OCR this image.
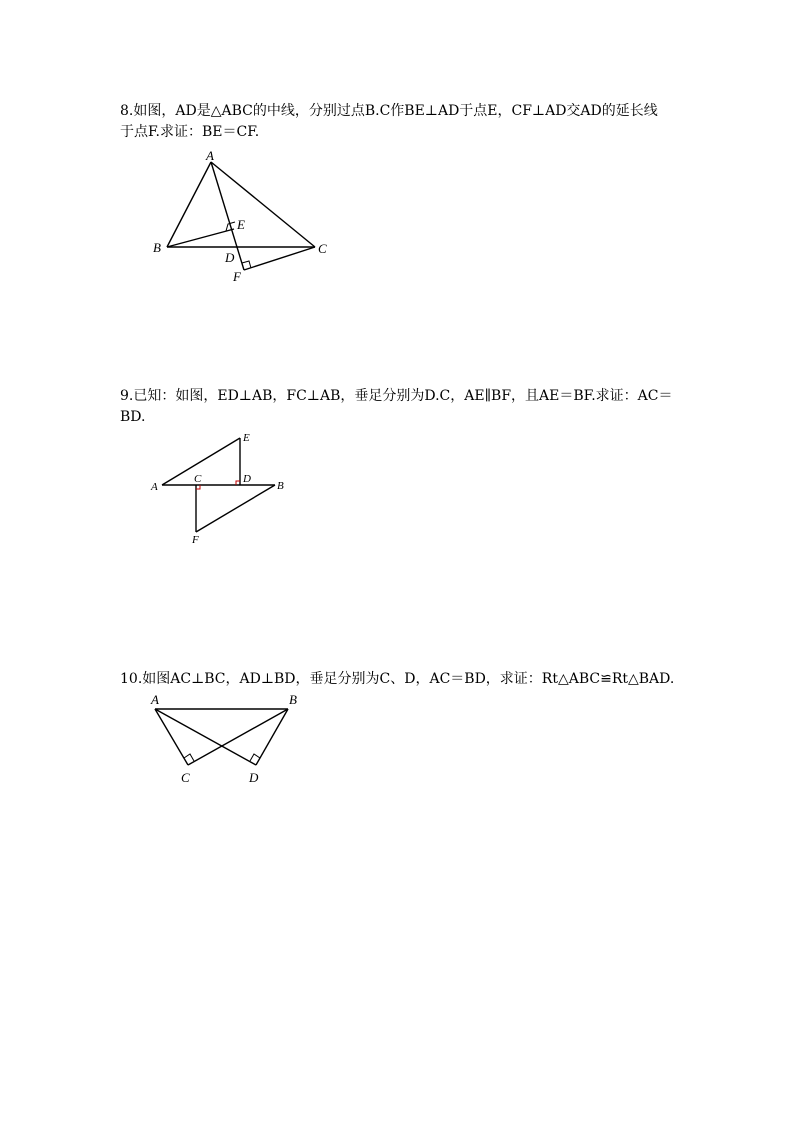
8.如图，AD是△ABC的中线，分别过点B.C作BE⊥AD于点E，CF⊥AD交AD的延长线
于点F.求证：BE＝CF.

A
B	C
D
E
F

9.已知：如图，ED⊥AB，FC⊥AB，垂足分别为D.C，AE∥BF，且AE＝BF.求证：AC＝
BD.

A	B
C	D
E
F

10.如图AC⊥BC，AD⊥BD，垂足分别为C、D，AC＝BD，求证：Rt△ABC≌Rt△BAD.

A	B
C	D
